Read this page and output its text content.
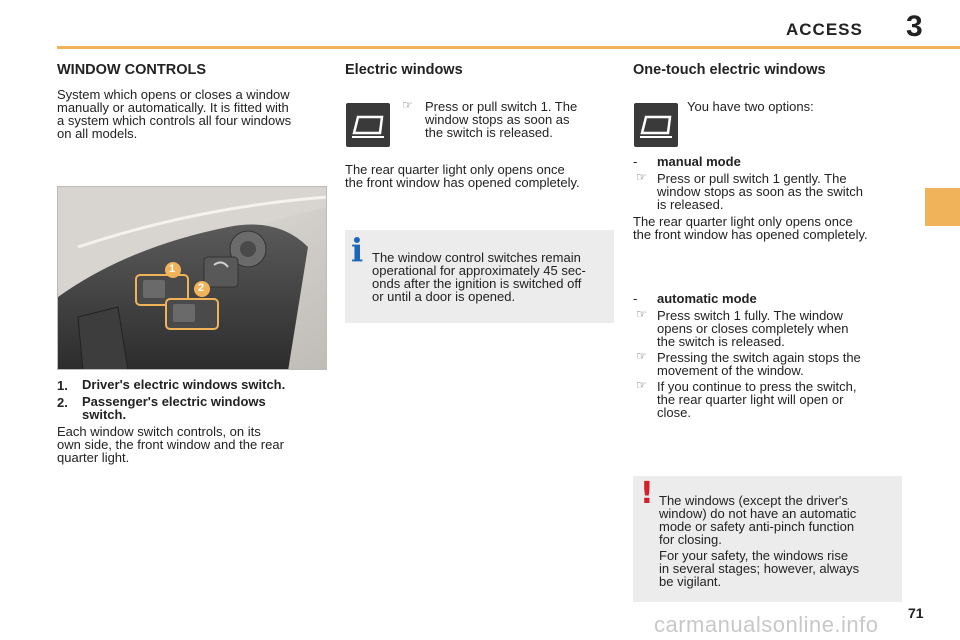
ACCESS 3
WINDOW CONTROLS

System which opens or closes a window

manually or automatically. It is fitted with

a system which controls all four windows

on all models.

1
2
1. Driver's electric windows switch.

2. Passenger's electric windows

switch.

Each window switch controls, on its

own side, the front window and the rear

quarter light.

Electric windows
☞ Press or pull switch 1. The

window stops as soon as

the switch is released.

The rear quarter light only opens once

the front window has opened completely.

i The window control switches remain

operational for approximately 45 sec-

onds after the ignition is switched off

or until a door is opened.

One-touch electric windows

You have two options:

- manual mode

☞ Press or pull switch 1 gently. The

window stops as soon as the switch

is released.

The rear quarter light only opens once

the front window has opened completely.

- automatic mode

☞ Press switch 1 fully. The window

opens or closes completely when

the switch is released.

☞ Pressing the switch again stops the

movement of the window.

☞ If you continue to press the switch,

the rear quarter light will open or

close.

! The windows (except the driver's

window) do not have an automatic

mode or safety anti-pinch function

for closing.

For your safety, the windows rise

in several stages; however, always

be vigilant.

71
carmanualsonline.info
